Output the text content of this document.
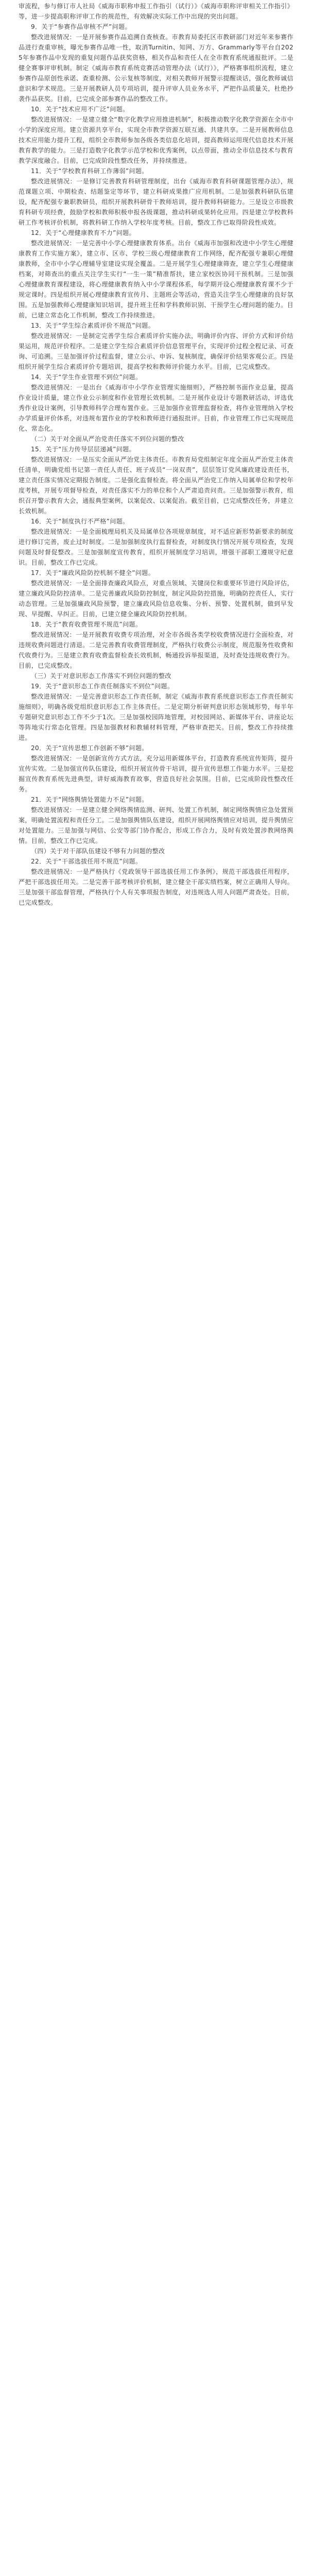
审流程，参与修订市人社局《威海市职称申报工作指引（试行）》《威海市职称评审相关工作指引》等，进一步提高职称评审工作的规范性，有效解决实际工作中出现的突出问题。

9．关于“参赛作品审核不严”问题。

整改进展情况：一是开展参赛作品追溯自查核查。市教育局委托区市教研部门对近年来参赛作品进行查重审核，曝光参赛作品唯一性，取消Turnitin、知网、万方、Grammarly等平台自2025年参赛作品中发现的重复问题作品获奖资格，相关作品和责任人在全市教育系统通报批评。二是健全赛事评审机制。制定《威海市教育系统竞赛活动管理办法（试行）》，严格赛事组织流程，建立参赛作品原创性承诺、查重检测、公示复核等制度，对相关教师开展警示提醒谈话，强化教师诚信意识和学术规范。三是开展教研人员专项培训，提升评审人员业务水平，严把作品质量关，杜绝抄袭作品获奖。目前，已完成全部参赛作品的整改工作。

10．关于“技术应用不广泛”问题。

整改进展情况：一是建立健全“数字化教学应用推进机制”，积极推动数字化教学资源在全市中小学的深度应用。建立资源共享平台，实现全市教学资源互联互通、共建共享。二是开展教师信息技术应用能力提升工程，组织全市教师参加各级各类信息化培训，提高教师运用现代信息技术开展教育教学的能力。三是打造数字化教学示范学校和优秀案例，以点带面，推动全市信息技术与教育教学深度融合。目前，已完成阶段性整改任务，并持续推进。

11．关于“学校教育科研工作薄弱”问题。

整改进展情况：一是修订完善教育科研管理制度，出台《威海市教育科研课题管理办法》，规范课题立项、中期检查、结题鉴定等环节，建立科研成果推广应用机制。二是加强教科研队伍建设，配齐配强专兼职教研员，组织开展教科研骨干教师培训，提升教师科研能力。三是设立市级教育科研专项经费，鼓励学校和教师积极申报各级课题，推动科研成果转化应用。四是建立学校教科研工作考核评价机制，将教科研工作纳入学校年度考核。目前，整改工作已取得阶段性成效。

12．关于“心理健康教育不力”问题。

整改进展情况：一是完善中小学心理健康教育体系。出台《威海市加强和改进中小学生心理健康教育工作实施方案》，建立市、区市、学校三级心理健康教育工作网络，配齐配强专兼职心理健康教师，全市中小学心理辅导室建设实现全覆盖。二是开展学生心理健康筛查，建立学生心理健康档案，对筛查出的重点关注学生实行“一生一策”精准帮扶，建立家校医协同干预机制。三是加强心理健康教育课程建设，将心理健康教育纳入中小学课程体系，每学期开设心理健康教育课不少于规定课时。四是组织开展心理健康教育宣传月、主题班会等活动，营造关注学生心理健康的良好氛围。五是加强教师心理健康知识培训，提升班主任和学科教师识别、干预学生心理问题的能力。目前，已建立常态化工作机制，整改工作持续推进。

13．关于“学生综合素质评价不规范”问题。

整改进展情况：一是制定完善学生综合素质评价实施办法，明确评价内容、评价方式和评价结果运用，规范评价程序。二是建立学生综合素质评价信息管理平台，实现评价过程全程记录、可查询、可追溯。三是加强评价过程监督，建立公示、申诉、复核制度，确保评价结果客观公正。四是组织开展学生综合素质评价专题培训，提高学校和教师评价能力水平。目前，已完成整改。

14．关于“学生作业管理不到位”问题。

整改进展情况：一是出台《威海市中小学作业管理实施细则》，严格控制书面作业总量，提高作业设计质量，建立作业公示制度和作业管理长效机制。二是开展作业设计专题教研活动，评选优秀作业设计案例，引导教师科学合理布置作业。三是加强作业管理监督检查，将作业管理纳入学校办学质量评价体系，对违规布置作业的学校和教师进行通报批评。目前，作业管理工作已实现规范化、常态化。

（二）关于对全面从严治党责任落实不到位问题的整改

15．关于“压力传导层层递减”问题。

整改进展情况：一是压实全面从严治党主体责任。市教育局党组制定年度全面从严治党主体责任清单，明确党组书记第一责任人责任、班子成员“一岗双责”，层层签订党风廉政建设责任书，建立责任落实情况定期报告制度。二是强化监督检查。将全面从严治党工作纳入局属单位和学校年度考核，开展专项督导检查，对责任落实不力的单位和个人严肃追责问责。三是加强警示教育，组织召开警示教育大会，通报典型案例，以案促改、以案促治。截至目前，已完成整改任务，并建立长效机制。

16．关于“制度执行不严格”问题。

整改进展情况：一是全面梳理局机关及局属单位各项规章制度，对不适应新形势新要求的制度进行修订完善，废止过时制度。二是加强制度执行监督检查，对制度执行情况开展专项检查，发现问题及时督促整改。三是加强制度宣传教育，组织开展制度学习培训，增强干部职工遵规守纪意识。目前，整改工作已完成。

17．关于“廉政风险防控机制不健全”问题。

整改进展情况：一是全面排查廉政风险点，对重点领域、关键岗位和重要环节进行风险评估，建立廉政风险防控清单。二是完善廉政风险防控制度，制定风险防控措施，明确防控责任人，实行动态管理。三是加强廉政风险预警，建立廉政风险信息收集、分析、预警、处置机制，做到早发现、早提醒、早纠正。目前，已建立健全廉政风险防控机制。

18．关于“教育收费管理不规范”问题。

整改进展情况：一是开展教育收费专项治理，对全市各级各类学校收费情况进行全面检查，对违规收费问题进行清退。二是完善教育收费管理制度，严格执行收费公示制度，规范服务性收费和代收费行为。三是建立教育收费监督检查长效机制，畅通投诉举报渠道，及时查处违规收费行为。目前，已完成整改。

（三）关于对意识形态工作落实不到位问题的整改

19．关于“意识形态工作责任制落实不到位”问题。

整改进展情况：一是完善意识形态工作责任制，制定《威海市教育系统意识形态工作责任制实施细则》，明确各级党组织意识形态工作主体责任。二是定期分析研判意识形态领域形势，每半年专题研究意识形态工作不少于1次。三是加强校园阵地管理，对校园网站、新媒体平台、讲座论坛等阵地实行常态化管理。四是加强教材和教辅材料管理，严格审查把关。目前，整改工作持续推进。

20．关于“宣传思想工作创新不够”问题。

整改进展情况：一是创新宣传方式方法，充分运用新媒体平台，打造教育系统宣传矩阵，提升宣传实效。二是加强宣传队伍建设，组织开展宣传骨干培训，提升宣传思想工作能力水平。三是挖掘宣传教育系统先进典型，讲好威海教育故事，营造良好社会氛围。目前，已完成阶段性整改任务。

21．关于“网络舆情处置能力不足”问题。

整改进展情况：一是建立健全网络舆情监测、研判、处置工作机制，制定网络舆情应急处置预案，明确处置流程和责任分工。二是加强舆情队伍建设，组织开展网络舆情应对培训，提升舆情应对处置能力。三是加强与网信、公安等部门协作配合，形成工作合力，及时有效处置涉教网络舆情。目前，整改工作已完成。

（四）关于对干部队伍建设不够有力问题的整改

22．关于“干部选拔任用不规范”问题。

整改进展情况：一是严格执行《党政领导干部选拔任用工作条例》，规范干部选拔任用程序，严把干部选拔任用关。二是完善干部考核评价机制，建立健全干部实绩档案，树立正确用人导向。三是加强干部监督管理，严格执行个人有关事项报告制度，对违规选人用人问题严肃查处。目前，已完成整改。
